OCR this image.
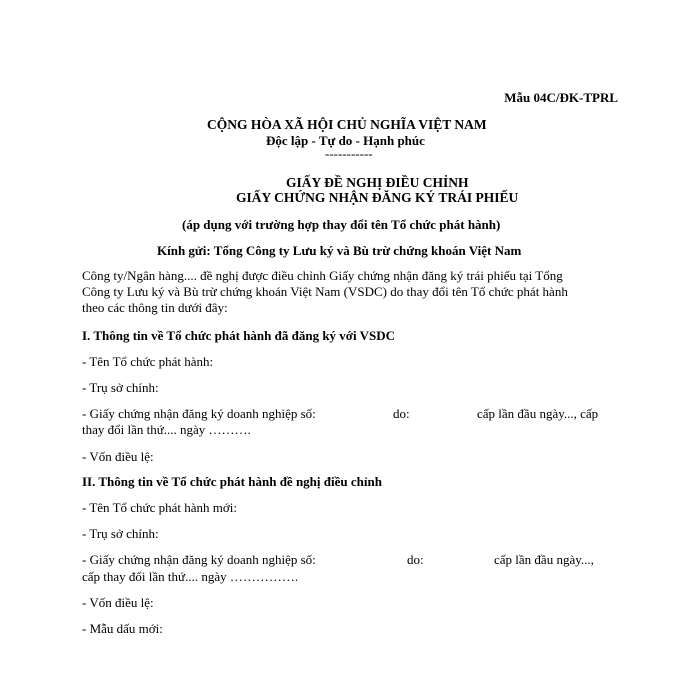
Mẫu 04C/ĐK-TPRL
CỘNG HÒA XÃ HỘI CHỦ NGHĨA VIỆT NAM
Độc lập - Tự do - Hạnh phúc
-----------
GIẤY ĐỀ NGHỊ ĐIỀU CHỈNH
GIẤY CHỨNG NHẬN ĐĂNG KÝ TRÁI PHIẾU
(áp dụng với trường hợp thay đổi tên Tổ chức phát hành)
Kính gửi: Tổng Công ty Lưu ký và Bù trừ chứng khoán Việt Nam
Công ty/Ngân hàng.... đề nghị được điều chỉnh Giấy chứng nhận đăng ký trái phiếu tại Tổng
Công ty Lưu ký và Bù trừ chứng khoán Việt Nam (VSDC) do thay đổi tên Tổ chức phát hành
theo các thông tin dưới đây:
I. Thông tin về Tổ chức phát hành đã đăng ký với VSDC
- Tên Tổ chức phát hành:
- Trụ sở chính:
- Giấy chứng nhận đăng ký doanh nghiệp số:	do:	cấp lần đầu ngày..., cấp
thay đổi lần thứ.... ngày ……….
- Vốn điều lệ:
II. Thông tin về Tổ chức phát hành đề nghị điều chỉnh
- Tên Tổ chức phát hành mới:
- Trụ sở chính:
- Giấy chứng nhận đăng ký doanh nghiệp số:	do:	cấp lần đầu ngày...,
cấp thay đổi lần thứ.... ngày …………….
- Vốn điều lệ:
- Mẫu dấu mới:
